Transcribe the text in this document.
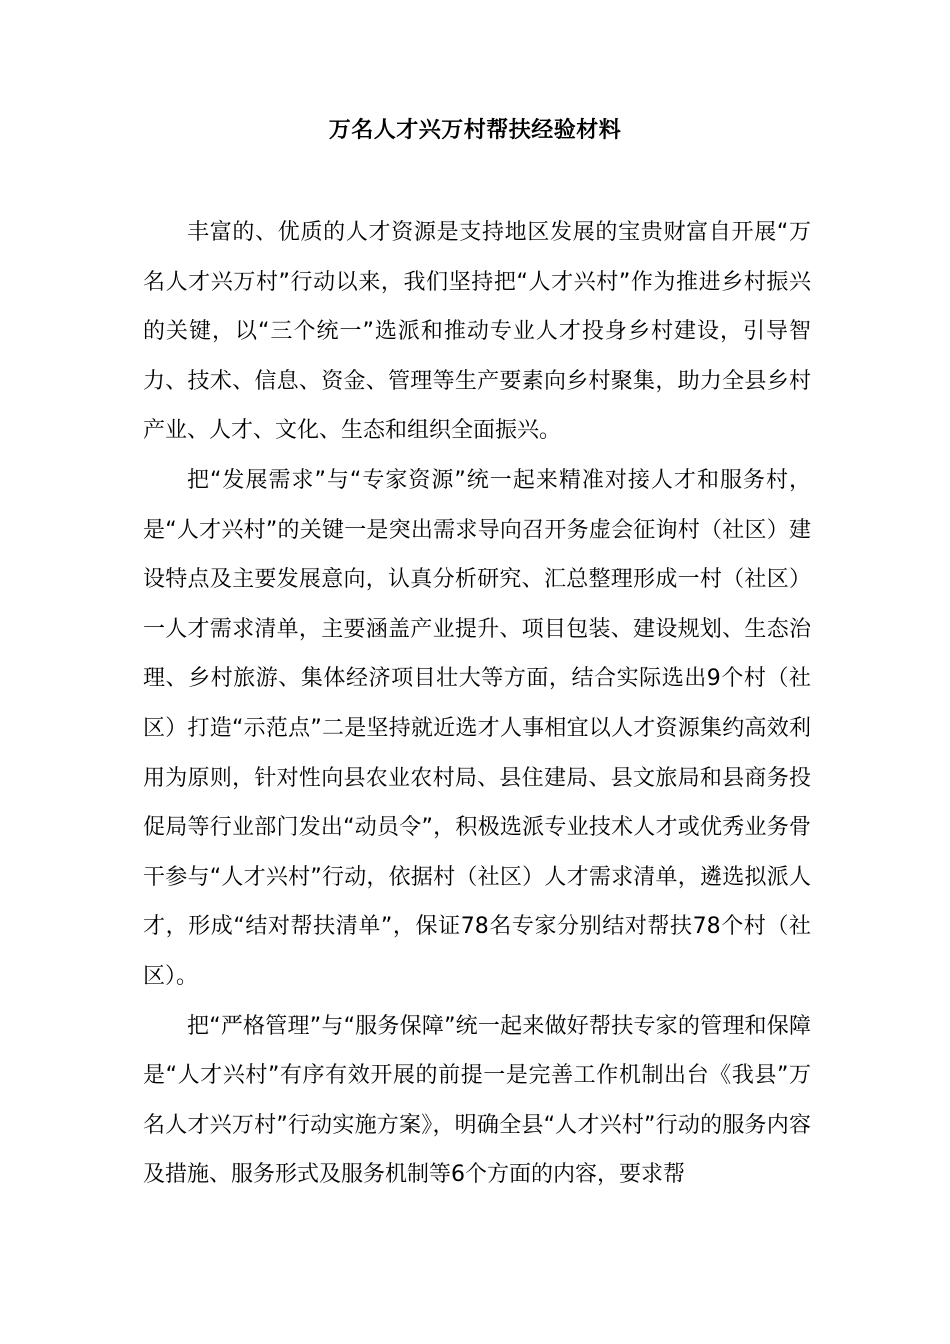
万名人才兴万村帮扶经验材料

丰富的、优质的人才资源是支持地区发展的宝贵财富自开展“万名人才兴万村”行动以来，我们坚持把“人才兴村”作为推进乡村振兴的关键，以“三个统一”选派和推动专业人才投身乡村建设，引导智力、技术、信息、资金、管理等生产要素向乡村聚集，助力全县乡村产业、人才、文化、生态和组织全面振兴。

把“发展需求”与“专家资源”统一起来精准对接人才和服务村，是“人才兴村”的关键一是突出需求导向召开务虚会征询村（社区）建设特点及主要发展意向，认真分析研究、汇总整理形成一村（社区）一人才需求清单，主要涵盖产业提升、项目包装、建设规划、生态治理、乡村旅游、集体经济项目壮大等方面，结合实际选出9个村（社区）打造“示范点”二是坚持就近选才人事相宜以人才资源集约高效利用为原则，针对性向县农业农村局、县住建局、县文旅局和县商务投促局等行业部门发出“动员令”，积极选派专业技术人才或优秀业务骨干参与“人才兴村”行动，依据村（社区）人才需求清单，遴选拟派人才，形成“结对帮扶清单”，保证78名专家分别结对帮扶78个村（社区）。

把“严格管理”与“服务保障”统一起来做好帮扶专家的管理和保障是“人才兴村”有序有效开展的前提一是完善工作机制出台《我县”万名人才兴万村”行动实施方案》，明确全县“人才兴村”行动的服务内容及措施、服务形式及服务机制等6个方面的内容，要求帮
